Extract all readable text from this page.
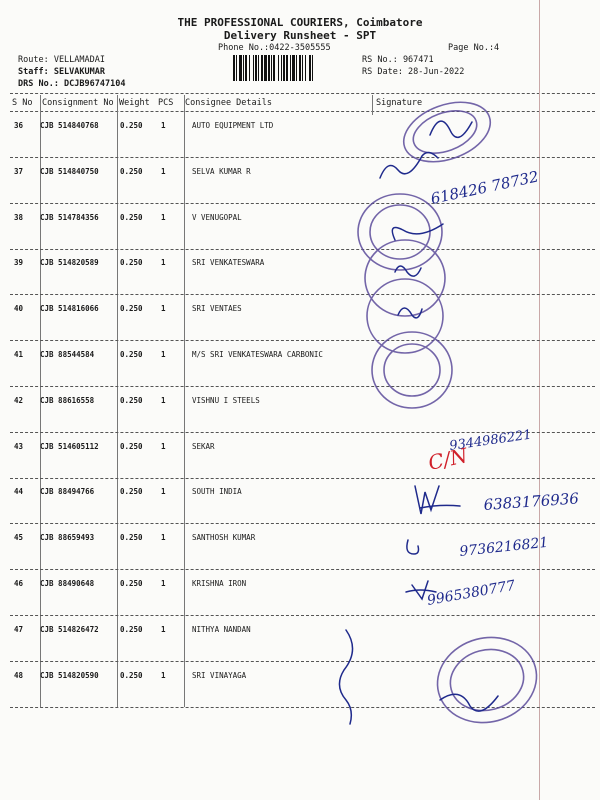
THE PROFESSIONAL COURIERS, Coimbatore
Delivery Runsheet - SPT
Phone No.:0422-3505555	Page No.:4
Route: VELLAMADAI
Staff: SELVAKUMAR
DRS No.: DCJB96747104
RS No.: 967471
RS Date: 28-Jun-2022
S No Consignment No Weight PCS Consignee Details	Signature
36 CJB 514840768	0.250 1	AUTO EQUIPMENT LTD
37 CJB 514840750	0.250 1	SELVA KUMAR R
38 CJB 514784356	0.250 1	V VENUGOPAL
39 CJB 514820589	0.250 1	SRI VENKATESWARA
40 CJB 514816066	0.250 1	SRI VENTAES
41 CJB 88544584	0.250 1	M/S SRI VENKATESWARA CARBONIC
42 CJB 88616558	0.250 1	VISHNU I STEELS
43 CJB 514605112	0.250 1	SEKAR
44 CJB 88494766	0.250 1	SOUTH INDIA
45 CJB 88659493	0.250 1	SANTHOSH KUMAR
46 CJB 88490648	0.250 1	KRISHNA IRON
47 CJB 514826472	0.250 1	NITHYA NANDAN
48 CJB 514820590	0.250 1	SRI VINAYAGA
618426 78732
9344986221
6383176936
9736216821
9965380777
C/N
